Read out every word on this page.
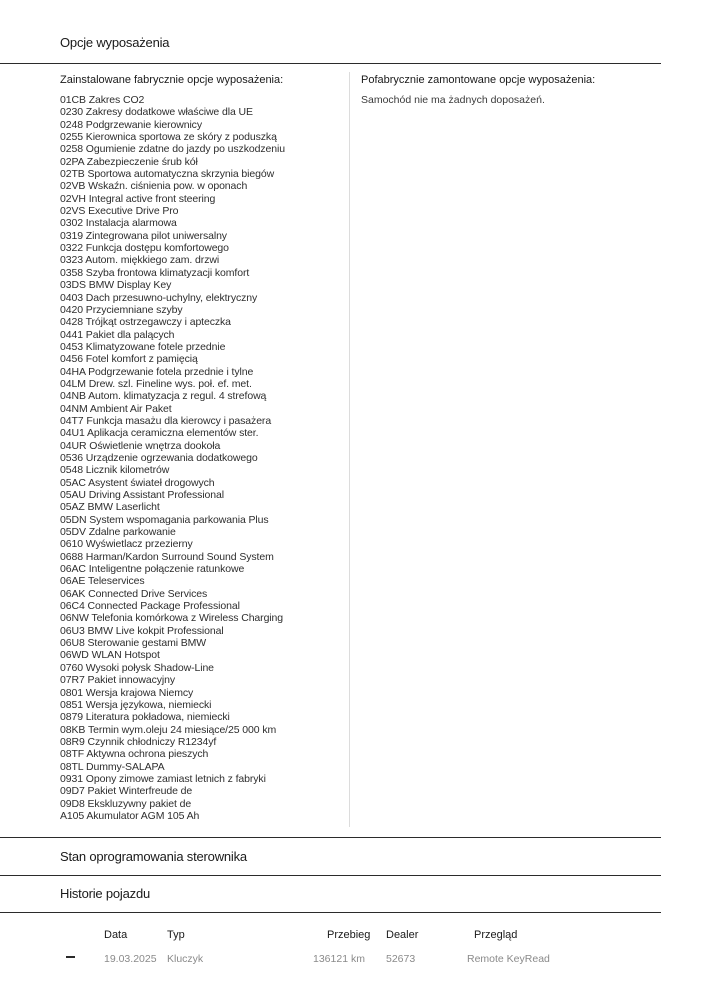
Opcje wyposażenia
Zainstalowane fabrycznie opcje wyposażenia:
01CB Zakres CO2
0230 Zakresy dodatkowe właściwe dla UE
0248 Podgrzewanie kierownicy
0255 Kierownica sportowa ze skóry z poduszką
0258 Ogumienie zdatne do jazdy po uszkodzeniu
02PA Zabezpieczenie śrub kół
02TB Sportowa automatyczna skrzynia biegów
02VB Wskaźn. ciśnienia pow. w oponach
02VH Integral active front steering
02VS Executive Drive Pro
0302 Instalacja alarmowa
0319 Zintegrowana pilot uniwersalny
0322 Funkcja dostępu komfortowego
0323 Autom. miękkiego zam. drzwi
0358 Szyba frontowa klimatyzacji komfort
03DS BMW Display Key
0403 Dach przesuwno-uchylny, elektryczny
0420 Przyciemniane szyby
0428 Trójkąt ostrzegawczy i apteczka
0441 Pakiet dla palących
0453 Klimatyzowane fotele przednie
0456 Fotel komfort z pamięcią
04HA Podgrzewanie fotela przednie i tylne
04LM Drew. szl. Fineline wys. poł. ef. met.
04NB Autom. klimatyzacja z regul. 4 strefową
04NM Ambient Air Paket
04T7 Funkcja masażu dla kierowcy i pasażera
04U1 Aplikacja ceramiczna elementów ster.
04UR Oświetlenie wnętrza dookoła
0536 Urządzenie ogrzewania dodatkowego
0548 Licznik kilometrów
05AC Asystent świateł drogowych
05AU Driving Assistant Professional
05AZ BMW Laserlicht
05DN System wspomagania parkowania Plus
05DV Zdalne parkowanie
0610 Wyświetlacz przezierny
0688 Harman/Kardon Surround Sound System
06AC Inteligentne połączenie ratunkowe
06AE Teleservices
06AK Connected Drive Services
06C4 Connected Package Professional
06NW Telefonia komórkowa z Wireless Charging
06U3 BMW Live kokpit Professional
06U8 Sterowanie gestami BMW
06WD WLAN Hotspot
0760 Wysoki połysk Shadow-Line
07R7 Pakiet innowacyjny
0801 Wersja krajowa Niemcy
0851 Wersja językowa, niemiecki
0879 Literatura pokładowa, niemiecki
08KB Termin wym.oleju 24 miesiące/25 000 km
08R9 Czynnik chłodniczy R1234yf
08TF Aktywna ochrona pieszych
08TL Dummy-SALAPA
0931 Opony zimowe zamiast letnich z fabryki
09D7 Pakiet Winterfreude de
09D8 Ekskluzywny pakiet de
A105 Akumulator AGM 105 Ah
Pofabrycznie zamontowane opcje wyposażenia:
Samochód nie ma żadnych doposażeń.
Stan oprogramowania sterownika
Historie pojazdu
Data	Typ	Przebieg Dealer	Przegląd
19.03.2025 Kluczyk	136121 km 52673	Remote KeyRead
